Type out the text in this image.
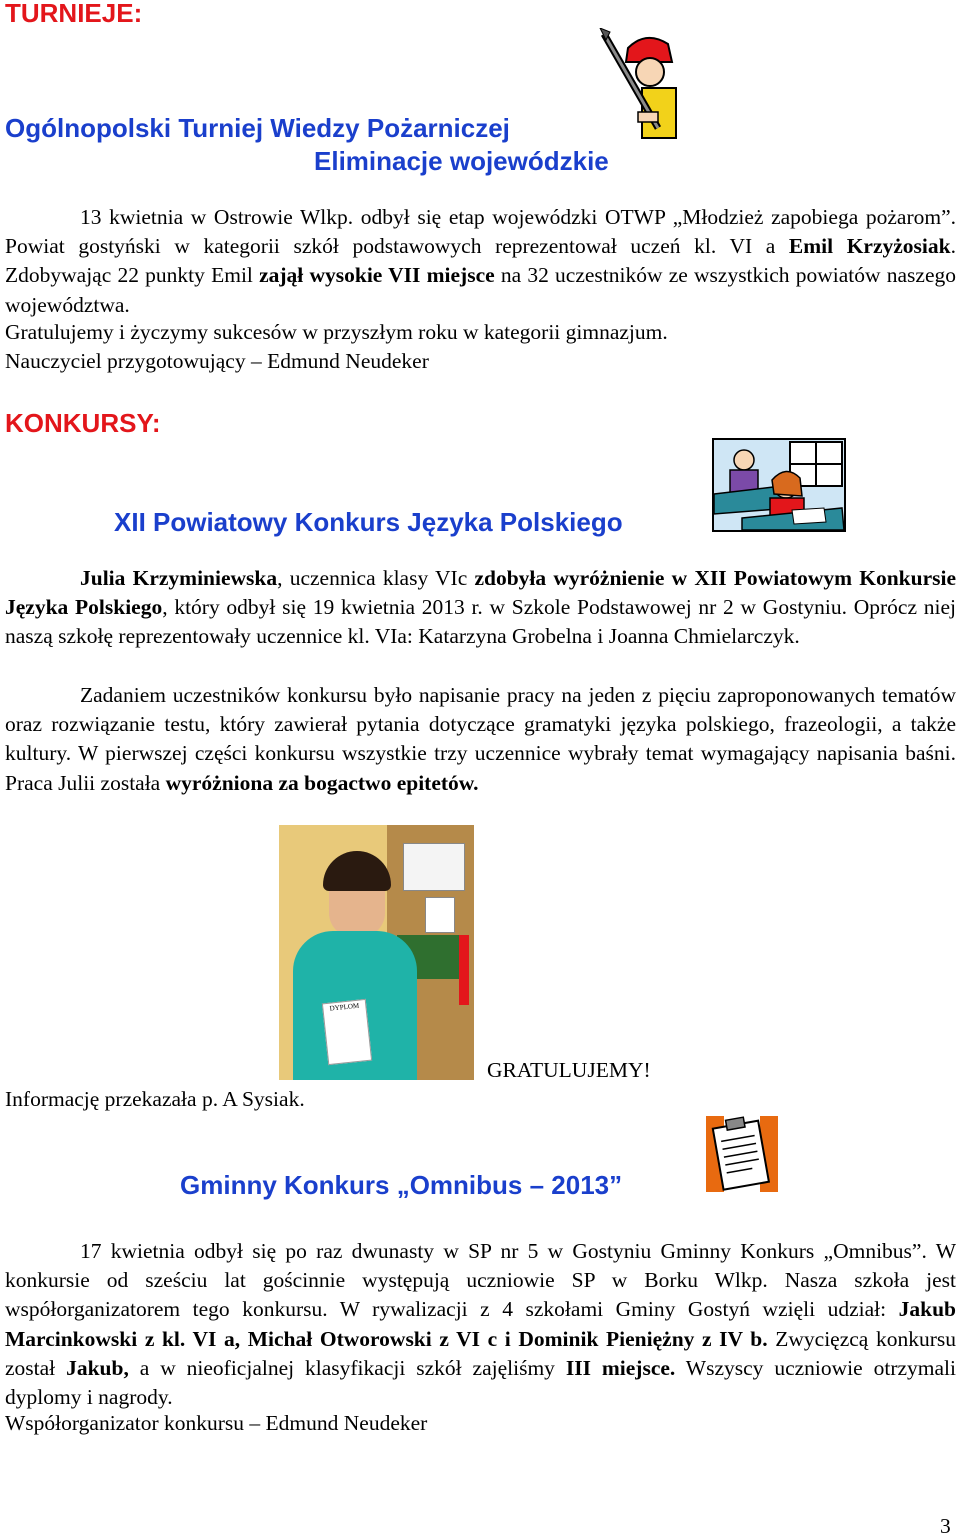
TURNIEJE:
Ogólnopolski Turniej Wiedzy Pożarniczej
Eliminacje wojewódzkie

13 kwietnia w Ostrowie Wlkp. odbył się etap wojewódzki OTWP „Młodzież zapobiega pożarom”. Powiat gostyński w kategorii szkół podstawowych reprezentował uczeń kl. VI a Emil Krzyżosiak. Zdobywając 22 punkty Emil zajął wysokie VII miejsce na 32 uczestników ze wszystkich powiatów naszego województwa.

Gratulujemy i życzymy sukcesów w przyszłym roku w kategorii gimnazjum.
Nauczyciel przygotowujący – Edmund Neudeker
KONKURSY:
XII Powiatowy Konkurs Języka Polskiego

Julia Krzyminiewska, uczennica klasy VIc zdobyła wyróżnienie w XII Powiatowym Konkursie Języka Polskiego, który odbył się 19 kwietnia 2013 r. w Szkole Podstawowej nr 2 w Gostyniu. Oprócz niej naszą szkołę reprezentowały uczennice kl. VIa: Katarzyna Grobelna i Joanna Chmielarczyk.

Zadaniem uczestników konkursu było napisanie pracy na jeden z pięciu zaproponowanych tematów oraz rozwiązanie testu, który zawierał pytania dotyczące gramatyki języka polskiego, frazeologii, a także kultury. W pierwszej części konkursu wszystkie trzy uczennice wybrały temat wymagający napisania baśni. Praca Julii została wyróżniona za bogactwo epitetów.

DYPLOM
GRATULUJEMY!
Informację przekazała p. A Sysiak.
Gminny Konkurs „Omnibus – 2013”

17 kwietnia odbył się po raz dwunasty w SP nr 5 w Gostyniu Gminny Konkurs „Omnibus”. W konkursie od sześciu lat gościnnie występują uczniowie SP w Borku Wlkp. Nasza szkoła jest współorganizatorem tego konkursu. W rywalizacji z 4 szkołami Gminy Gostyń wzięli udział: Jakub Marcinkowski z kl. VI a, Michał Otworowski z VI c i Dominik Pieniężny z IV b. Zwycięzcą konkursu został Jakub, a w nieoficjalnej klasyfikacji szkół zajęliśmy III miejsce. Wszyscy uczniowie otrzymali dyplomy i nagrody.

Współorganizator konkursu – Edmund Neudeker
3
